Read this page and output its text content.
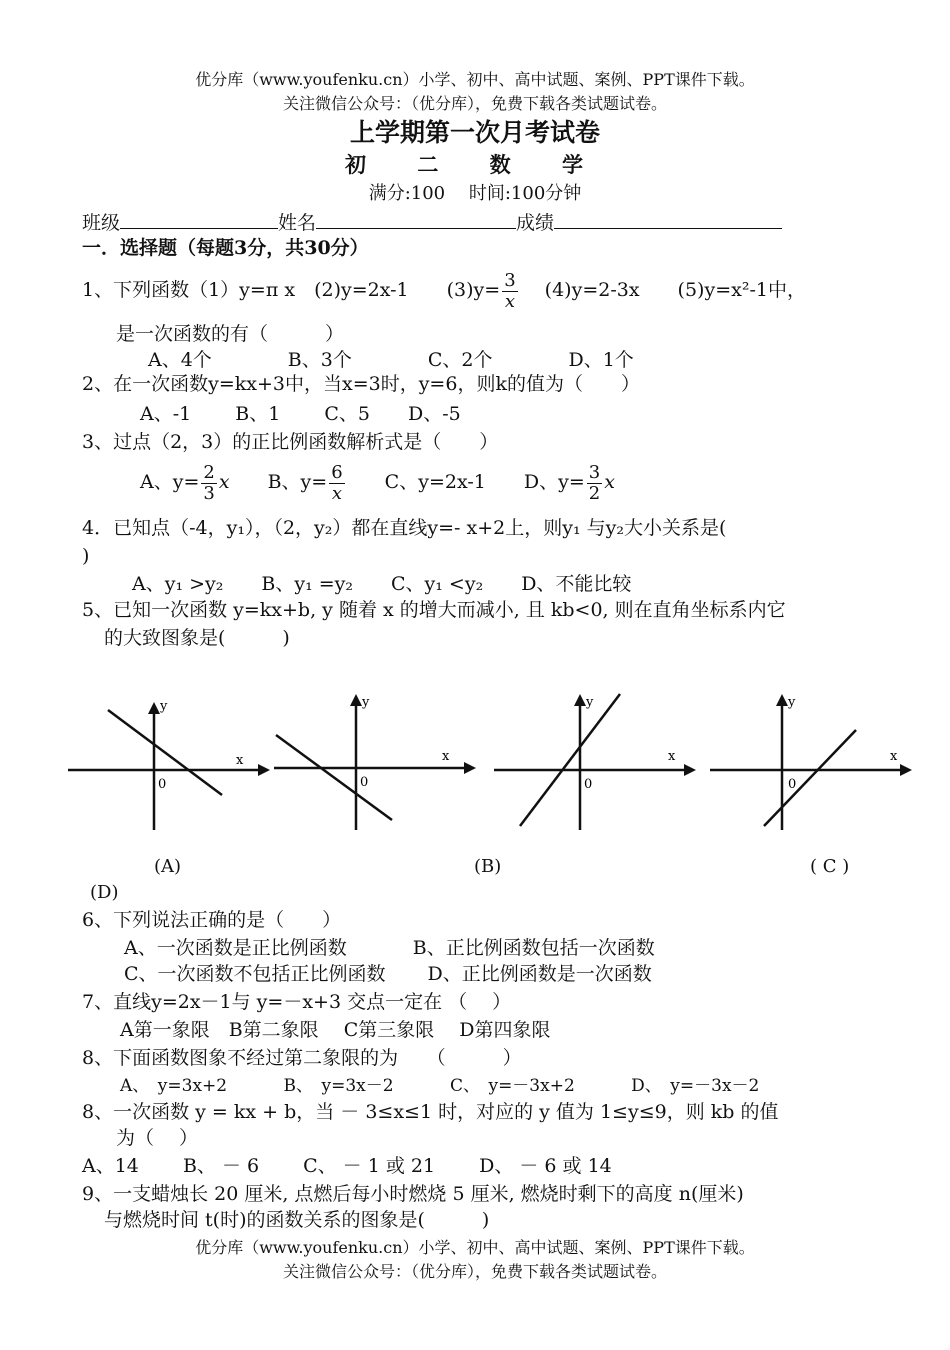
优分库（www.youfenku.cn）小学、初中、高中试题、案例、PPT课件下载。
关注微信公众号：（优分库），免费下载各类试题试卷。
上学期第一次月考试卷
初 二 数 学
满分:100　 时间:100分钟
班级	姓名	成绩
一．选择题（每题3分，共30分）
1、下列函数（1）y=π x　(2)y=2x-1　　$(3)y= \frac{3}{x}$ 　 (4)y=2-3x　　(5)y=x²-1中，
是一次函数的有（　　　）
A、4个　　　　B、3个　　　　C、2个　　　　D、1个
2、在一次函数y=kx+3中，当x=3时，y=6，则k的值为（　　）
A、-1　　 B、1　　 C、5　　D、-5
3、过点（2，3）的正比例函数解析式是（　　）
A、$y= \frac{2}{3}$ x　　 B、$y= \frac{6}{x}$
　　 C、y=2x-1　　 D、$y= \frac{3}{2}$ x
4．已知点（-4，y₁），（2，y₂）都在直线y=- x+2上，则y₁ 与y₂大小关系是(
)
A、y₁ >y₂　　B、y₁ =y₂　　C、y₁ <y₂　　D、不能比较
5、已知一次函数 y=kx+b, y 随着 x 的增大而减小, 且 kb<0, 则在直角坐标系内它
的大致图象是(　　　)
x
y
0
x
y
0
x
y
0
x
y
0
(A)	(B)	( C )
(D)
6、下列说法正确的是（　　）
A、一次函数是正比例函数	B、正比例函数包括一次函数
C、一次函数不包括正比例函数 D、正比例函数是一次函数
7、直线y=2x－1与 y=－x+3 交点一定在 （　 ）
A第一象限　B第二象限　 C第三象限　 D第四象限
8、下面函数图象不经过第二象限的为　　（　　　）
A、　y=3x+2　　　 B、　y=3x－2　　　 C、　y=－3x+2　　　 D、　y=－3x－2
8、一次函数 y = kx + b，当 － 3≤x≤1 时，对应的 y 值为 1≤y≤9，则 kb 的值
为（　 ）
A、14　　 B、 － 6　　 C、 － 1 或 21　　 D、 － 6 或 14
9、一支蜡烛长 20 厘米, 点燃后每小时燃烧 5 厘米, 燃烧时剩下的高度 n(厘米)
与燃烧时间 t(时)的函数关系的图象是(　　　)
优分库（www.youfenku.cn）小学、初中、高中试题、案例、PPT课件下载。
关注微信公众号：（优分库），免费下载各类试题试卷。
